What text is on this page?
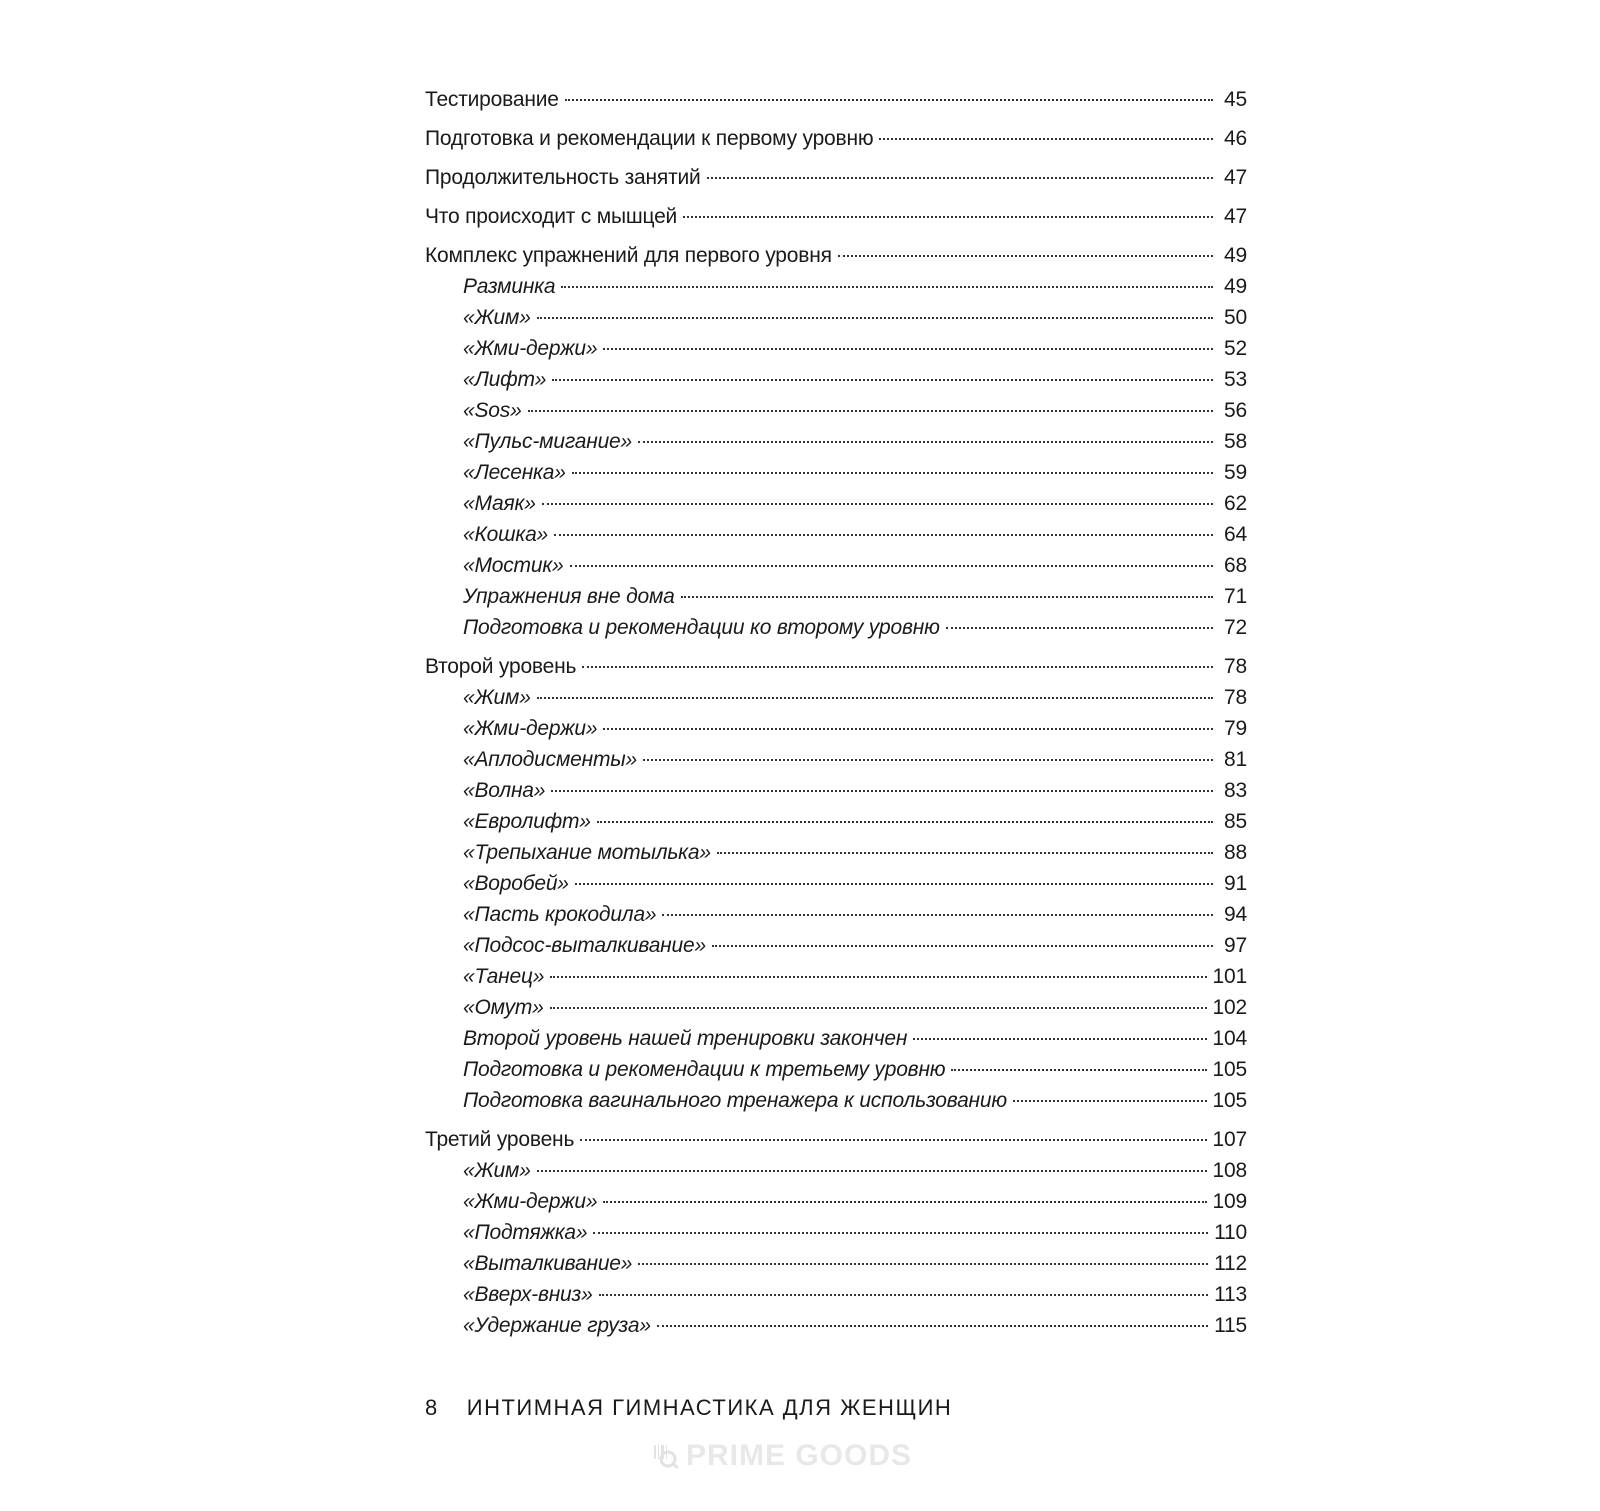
Тестирование	45
Подготовка и рекомендации к первому уровню	46
Продолжительность занятий	47
Что происходит с мышцей	47
Комплекс упражнений для первого уровня	49
Разминка	49
«Жим»	50
«Жми-держи»	52
«Лифт»	53
«Sos»	56
«Пульс-мигание»	58
«Лесенка»	59
«Маяк»	62
«Кошка»	64
«Мостик»	68
Упражнения вне дома	71
Подготовка и рекомендации ко второму уровню	72
Второй уровень	78
«Жим»	78
«Жми-держи»	79
«Аплодисменты»	81
«Волна»	83
«Евролифт»	85
«Трепыхание мотылька»	88
«Воробей»	91
«Пасть крокодила»	94
«Подсос-выталкивание»	97
«Танец»	101
«Омут»	102
Второй уровень нашей тренировки закончен	104
Подготовка и рекомендации к третьему уровню	105
Подготовка вагинального тренажера к использованию	105
Третий уровень	107
«Жим»	108
«Жми-держи»	109
«Подтяжка»	110
«Выталкивание»	112
«Вверх-вниз»	113
«Удержание груза»	115
8 ИНТИМНАЯ ГИМНАСТИКА ДЛЯ ЖЕНЩИН
PRIME GOODS
